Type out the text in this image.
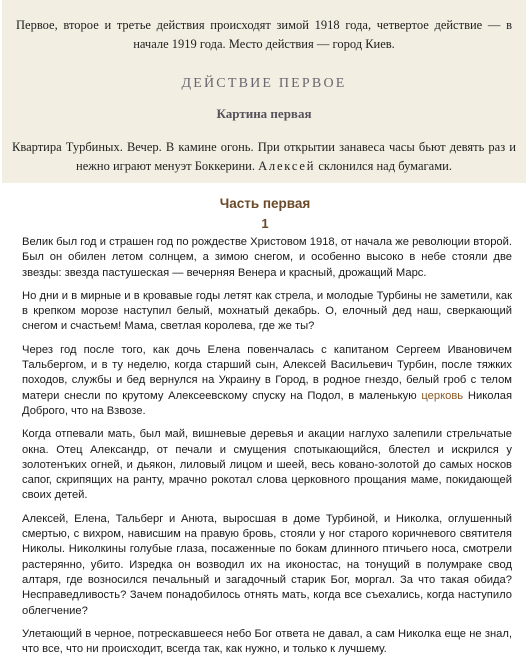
Первое, второе и третье действия происходят зимой 1918 года, четвертое действие — в начале 1919 года. Место действия — город Киев.
ДЕЙСТВИЕ ПЕРВОЕ
Картина первая
Квартира Турбиных. Вечер. В камине огонь. При открытии занавеса часы бьют девять раз и нежно играют менуэт Боккерини. Алексей склонился над бумагами.
Часть первая
1

Велик был год и страшен год по рождестве Христовом 1918, от начала же революции второй. Был он обилен летом солнцем, а зимою снегом, и особенно высоко в небе стояли две звезды: звезда пастушеская — вечерняя Венера и красный, дрожащий Марс.

Но дни и в мирные и в кровавые годы летят как стрела, и молодые Турбины не заметили, как в крепком морозе наступил белый, мохнатый декабрь. О, елочный дед наш, сверкающий снегом и счастьем! Мама, светлая королева, где же ты?

Через год после того, как дочь Елена повенчалась с капитаном Сергеем Ивановичем Тальбергом, и в ту неделю, когда старший сын, Алексей Васильевич Турбин, после тяжких походов, службы и бед вернулся на Украину в Город, в родное гнездо, белый гроб с телом матери снесли по крутому Алексеевскому спуску на Подол, в маленькую церковь Николая Доброго, что на Взвозе.

Когда отпевали мать, был май, вишневые деревья и акации наглухо залепили стрельчатые окна. Отец Александр, от печали и смущения спотыкающийся, блестел и искрился у золотенъких огней, и дьякон, лиловый лицом и шеей, весь ковано-золотой до самых носков сапог, скрипящих на ранту, мрачно рокотал слова церковного прощания маме, покидающей своих детей.

Алексей, Елена, Тальберг и Анюта, выросшая в доме Турбиной, и Николка, оглушенный смертью, с вихром, нависшим на правую бровь, стояли у ног старого коричневого святителя Николы. Николкины голубые глаза, посаженные по бокам длинного птичьего носа, смотрели растерянно, убито. Изредка он возводил их на иконостас, на тонущий в полумраке свод алтаря, где возносился печальный и загадочный старик Бог, моргал. За что такая обида? Несправедливость? Зачем понадобилось отнять мать, когда все съехались, когда наступило облегчение?

Улетающий в черное, потрескавшееся небо Бог ответа не давал, а сам Николка еще не знал, что все, что ни происходит, всегда так, как нужно, и только к лучшему.
